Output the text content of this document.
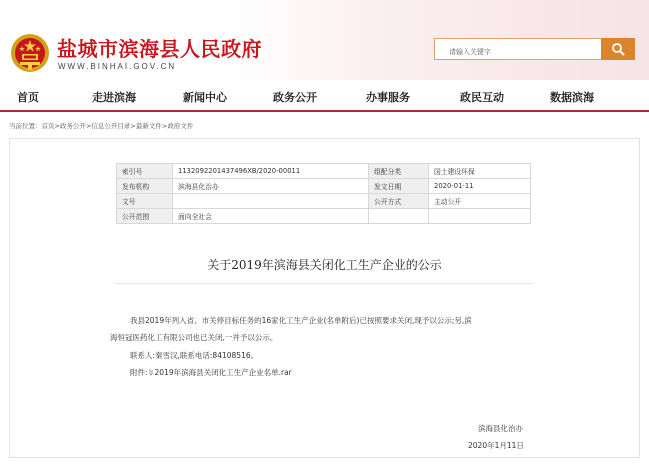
盐城市滨海县人民政府
WWW.BINHAI.GOV.CN
请输入关键字
首页	走进滨海	新闻中心	政务公开	办事服务	政民互动	数据滨海
当前位置：首页>政务公开>信息公开目录>最新文件>政府文件
索引号	1132092201437496XB/2020-00011	组配分类	国土建设环保
发布机构	滨海县化治办	发文日期	2020-01-11
文号		公开方式	主动公开
公开范围	面向全社会		
关于2019年滨海县关闭化工生产企业的公示
我县2019年列入省、市关停目标任务的16家化工生产企业(名单附后)已按照要求关闭,现予以公示;另,滨
海恒冠医药化工有限公司也已关闭,一并予以公示。
联系人:秦雪汉,联系电话:84108516。
附件: 2019年滨海县关闭化工生产企业名单.rar
滨海县化治办
2020年1月11日
